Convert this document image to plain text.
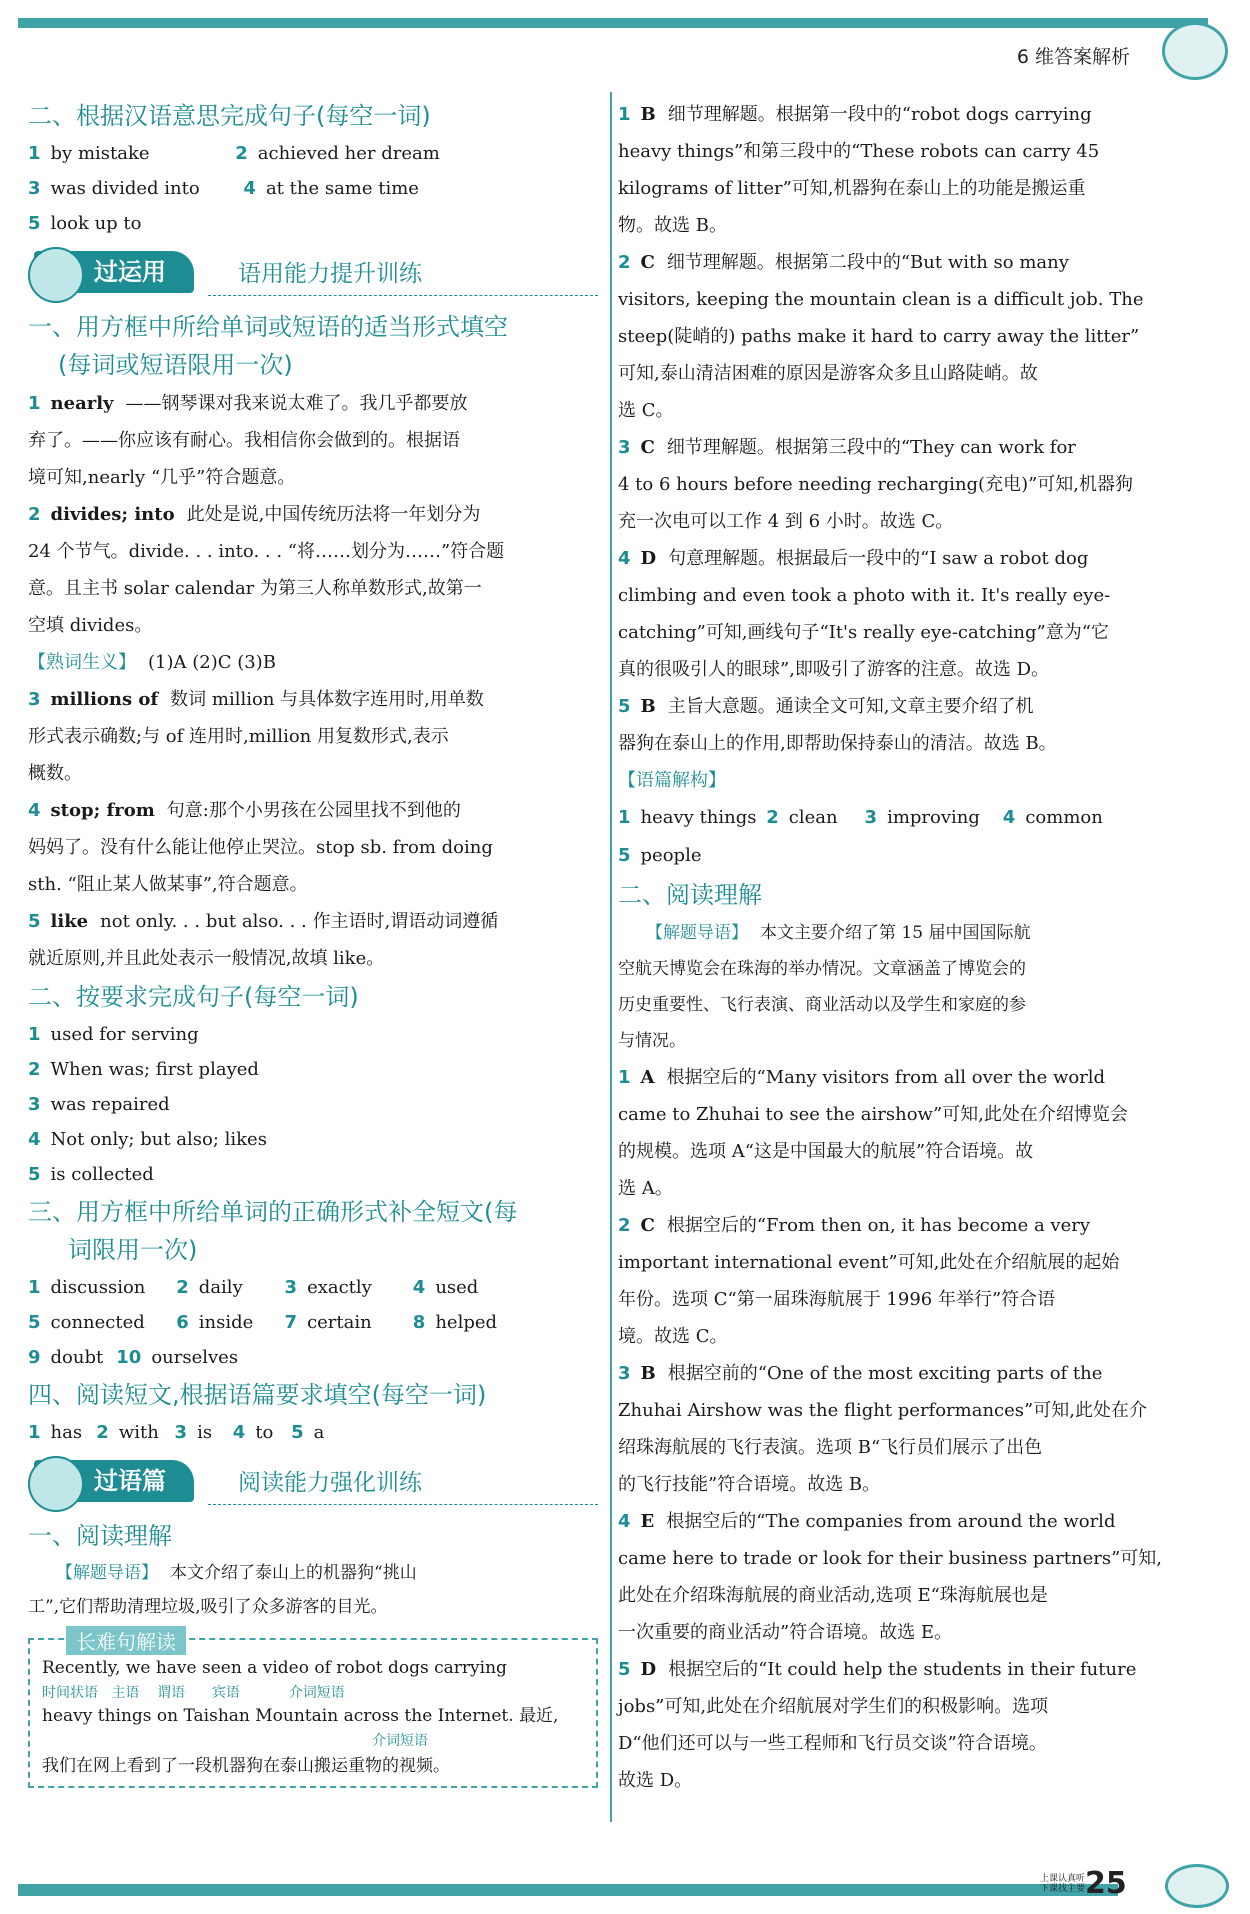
6 维答案解析
二、根据汉语意思完成句子(每空一词)
1 by mistake	2 achieved her dream
3 was divided into 4 at the same time
5 look up to
过运用	语用能力提升训练
一、用方框中所给单词或短语的适当形式填空
(每词或短语限用一次)
1 nearly ——钢琴课对我来说太难了。我几乎都要放
弃了。——你应该有耐心。我相信你会做到的。根据语
境可知,nearly “几乎”符合题意。
2 divides; into 此处是说,中国传统历法将一年划分为
24 个节气。divide. . . into. . . “将……划分为……”符合题
意。且主书 solar calendar 为第三人称单数形式,故第一
空填 divides。
【熟词生义】 (1)A (2)C (3)B
3 millions of 数词 million 与具体数字连用时,用单数
形式表示确数;与 of 连用时,million 用复数形式,表示
概数。
4 stop; from 句意:那个小男孩在公园里找不到他的
妈妈了。没有什么能让他停止哭泣。stop sb. from doing
sth. “阻止某人做某事”,符合题意。
5 like not only. . . but also. . . 作主语时,谓语动词遵循
就近原则,并且此处表示一般情况,故填 like。
二、按要求完成句子(每空一词)
1 used for serving
2 When was; first played
3 was repaired
4 Not only; but also; likes
5 is collected
三、用方框中所给单词的正确形式补全短文(每
词限用一次)
1 discussion 2 daily 3 exactly 4 used
5 connected 6 inside 7 certain 8 helped
9 doubt 10 ourselves
四、阅读短文,根据语篇要求填空(每空一词)
1 has 2 with 3 is 4 to 5 a
过语篇	阅读能力强化训练
一、阅读理解
【解题导语】 本文介绍了泰山上的机器狗“挑山
工”,它们帮助清理垃圾,吸引了众多游客的目光。
长难句解读
Recently, we have seen a video of robot dogs carrying
时间状语   主语    谓语      宾语           介词短语
heavy things on Taishan Mountain across the Internet. 最近,
介词短语
我们在网上看到了一段机器狗在泰山搬运重物的视频。
1 B 细节理解题。根据第一段中的“robot dogs carrying
heavy things”和第三段中的“These robots can carry 45
kilograms of litter”可知,机器狗在泰山上的功能是搬运重
物。故选 B。
2 C 细节理解题。根据第二段中的“But with so many
visitors, keeping the mountain clean is a difficult job. The
steep(陡峭的) paths make it hard to carry away the litter”
可知,泰山清洁困难的原因是游客众多且山路陡峭。故
选 C。
3 C 细节理解题。根据第三段中的“They can work for
4 to 6 hours before needing recharging(充电)”可知,机器狗
充一次电可以工作 4 到 6 小时。故选 C。
4 D 句意理解题。根据最后一段中的“I saw a robot dog
climbing and even took a photo with it. It's really eye-
catching”可知,画线句子“It's really eye-catching”意为“它
真的很吸引人的眼球”,即吸引了游客的注意。故选 D。
5 B 主旨大意题。通读全文可知,文章主要介绍了机
器狗在泰山上的作用,即帮助保持泰山的清洁。故选 B。
【语篇解构】
1 heavy things 2 clean 3 improving 4 common
5 people
二、阅读理解
【解题导语】 本文主要介绍了第 15 届中国国际航
空航天博览会在珠海的举办情况。文章涵盖了博览会的
历史重要性、飞行表演、商业活动以及学生和家庭的参
与情况。
1 A 根据空后的“Many visitors from all over the world
came to Zhuhai to see the airshow”可知,此处在介绍博览会
的规模。选项 A“这是中国最大的航展”符合语境。故
选 A。
2 C 根据空后的“From then on, it has become a very
important international event”可知,此处在介绍航展的起始
年份。选项 C“第一届珠海航展于 1996 年举行”符合语
境。故选 C。
3 B 根据空前的“One of the most exciting parts of the
Zhuhai Airshow was the flight performances”可知,此处在介
绍珠海航展的飞行表演。选项 B“飞行员们展示了出色
的飞行技能”符合语境。故选 B。
4 E 根据空后的“The companies from around the world
came here to trade or look for their business partners”可知,
此处在介绍珠海航展的商业活动,选项 E“珠海航展也是
一次重要的商业活动”符合语境。故选 E。
5 D 根据空后的“It could help the students in their future
jobs”可知,此处在介绍航展对学生们的积极影响。选项
D“他们还可以与一些工程师和飞行员交谈”符合语境。
故选 D。
上课认真听
下课找主要 25
